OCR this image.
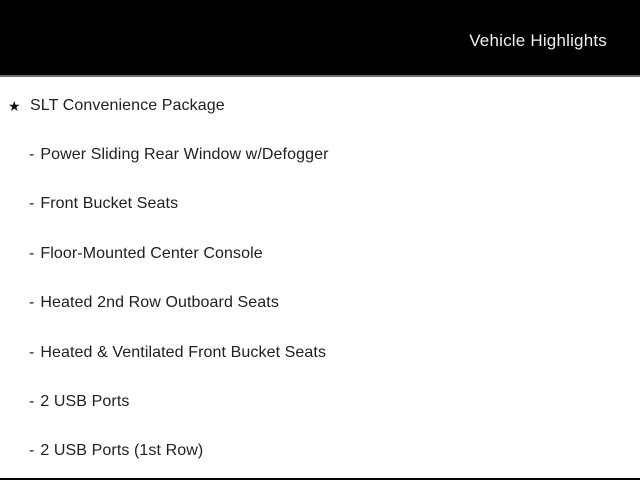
Vehicle Highlights
★ SLT Convenience Package
- Power Sliding Rear Window w/Defogger
- Front Bucket Seats
- Floor-Mounted Center Console
- Heated 2nd Row Outboard Seats
- Heated & Ventilated Front Bucket Seats
- 2 USB Ports
- 2 USB Ports (1st Row)
